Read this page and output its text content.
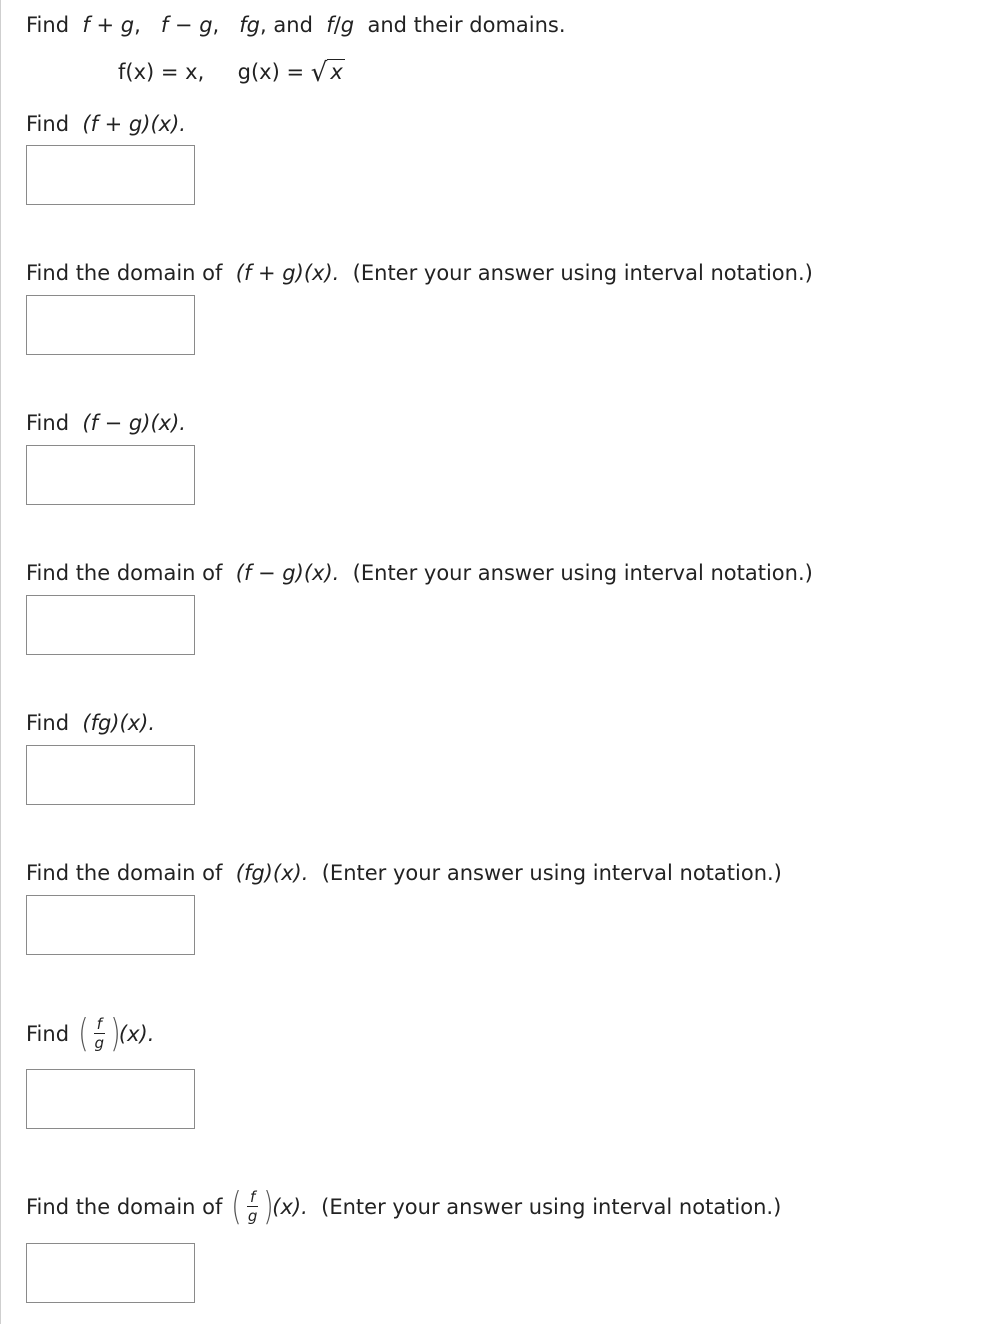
Find f + g, f − g, fg, and f/g and their domains.
f(x) = x, g(x) = √ x
Find (f + g)(x).
Find the domain of (f + g)(x). (Enter your answer using interval notation.)
Find (f − g)(x).
Find the domain of (f − g)(x). (Enter your answer using interval notation.)
Find (fg)(x).
Find the domain of (fg)(x). (Enter your answer using interval notation.)
Find ( $\frac{f}{g}$ )
(x).
Find the domain of ( $\frac{f}{g}$ )
(x). (Enter your answer using interval notation.)
